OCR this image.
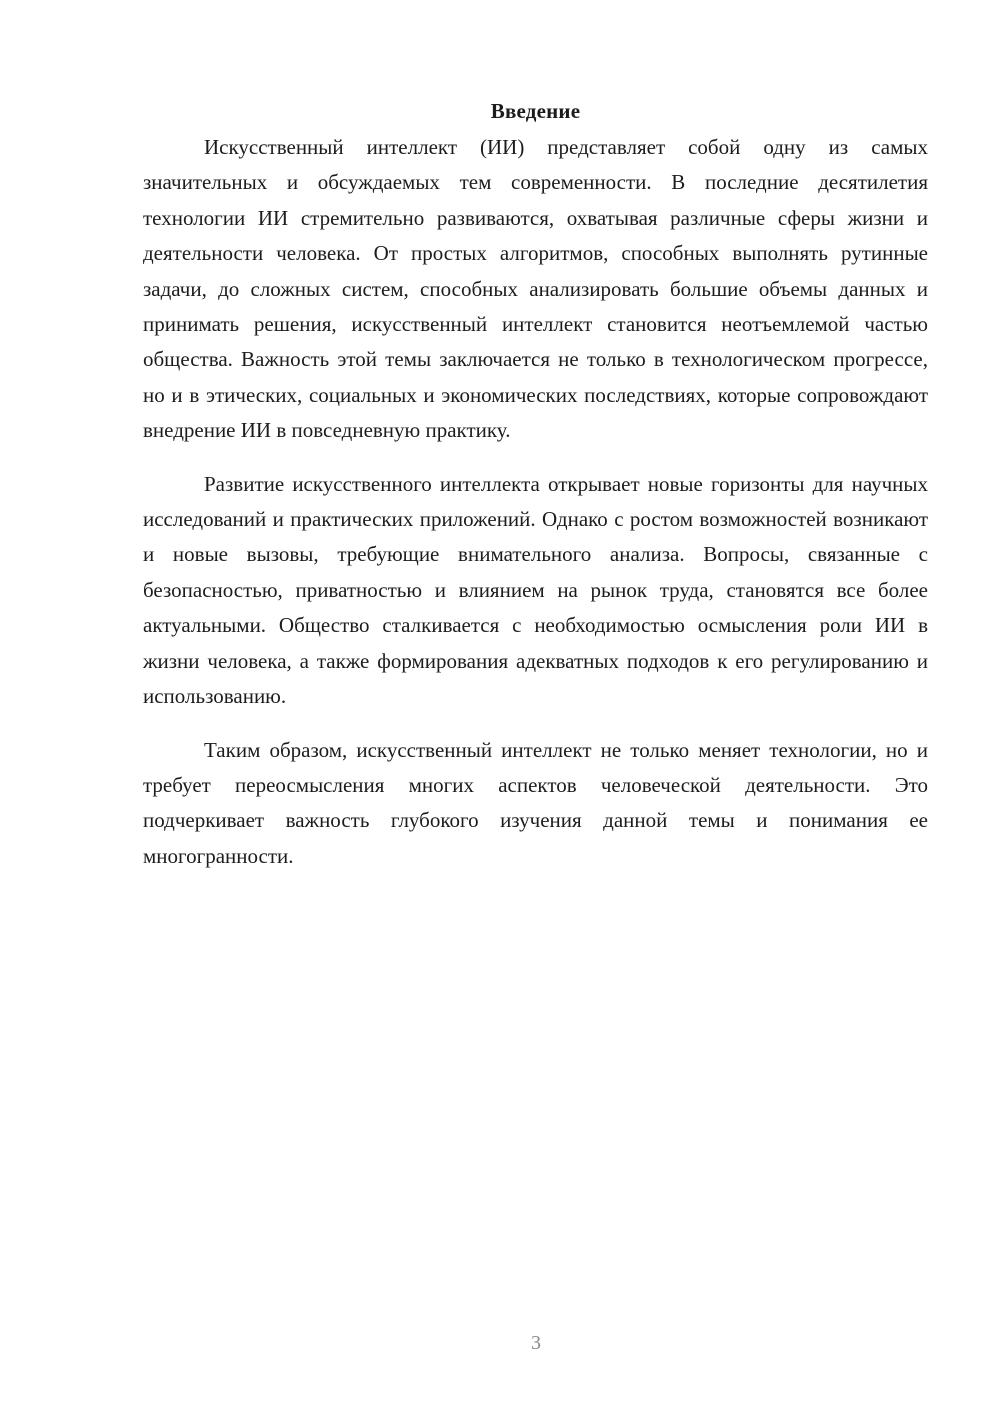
Введение

Искусственный интеллект (ИИ) представляет собой одну из самых значительных и обсуждаемых тем современности. В последние десятилетия технологии ИИ стремительно развиваются, охватывая различные сферы жизни и деятельности человека. От простых алгоритмов, способных выполнять рутинные задачи, до сложных систем, способных анализировать большие объемы данных и принимать решения, искусственный интеллект становится неотъемлемой частью общества. Важность этой темы заключается не только в технологическом прогрессе, но и в этических, социальных и экономических последствиях, которые сопровождают внедрение ИИ в повседневную практику.

Развитие искусственного интеллекта открывает новые горизонты для научных исследований и практических приложений. Однако с ростом возможностей возникают и новые вызовы, требующие внимательного анализа. Вопросы, связанные с безопасностью, приватностью и влиянием на рынок труда, становятся все более актуальными. Общество сталкивается с необходимостью осмысления роли ИИ в жизни человека, а также формирования адекватных подходов к его регулированию и использованию.

Таким образом, искусственный интеллект не только меняет технологии, но и требует переосмысления многих аспектов человеческой деятельности. Это подчеркивает важность глубокого изучения данной темы и понимания ее многогранности.

3
